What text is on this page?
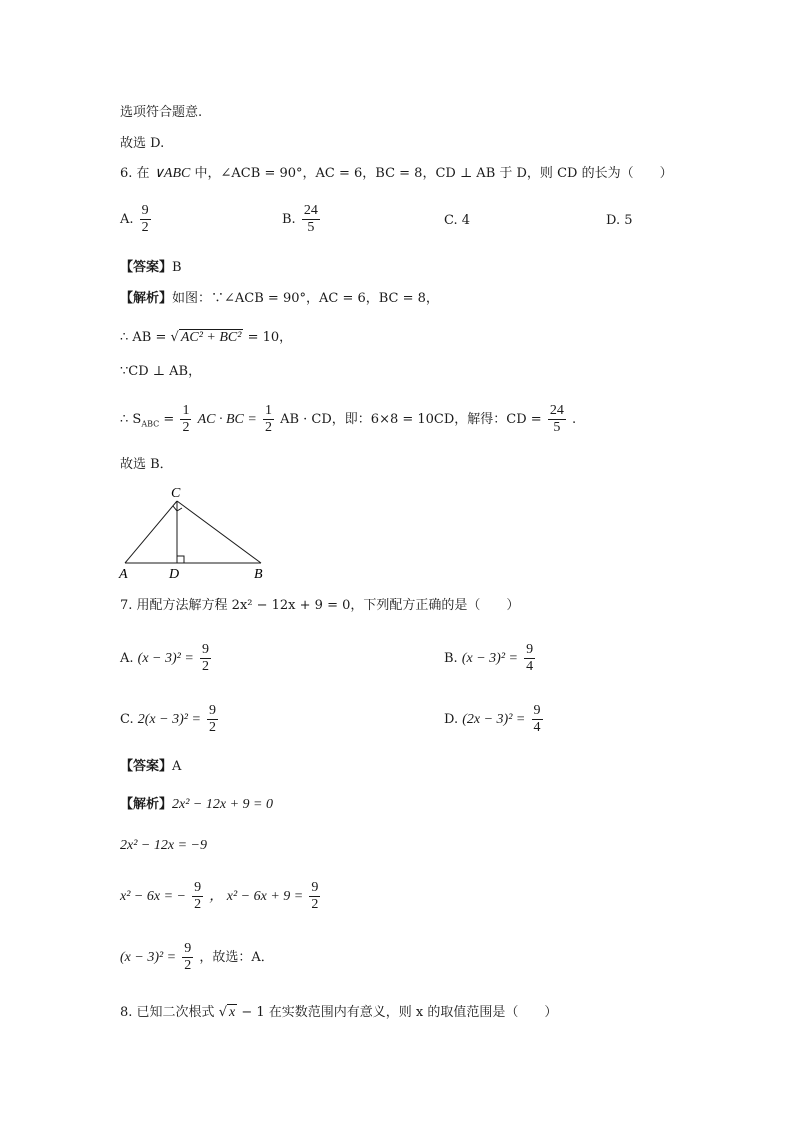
选项符合题意.
故选 D.
6. 在 ∨ABC 中，∠ACB = 90°，AC = 6，BC = 8，CD ⊥ AB 于 D，则 CD 的长为（　　）
A. $\frac{9}{2}$	B. $\frac{24}{5}$	C. 4	D. 5
【答案】B
【解析】如图：∵∠ACB = 90°，AC = 6，BC = 8，
∴ AB = √ AC² + BC² = 10，
∵CD ⊥ AB，
∴ $S_{ABC} = \frac{1}{2}$ AC · BC = $\frac{1}{2}$ AB · CD，即：6×8 = 10CD，解得：CD = $\frac{24}{5}$ .
故选 B．
C
A	D	B
7. 用配方法解方程 2x² − 12x + 9 = 0，下列配方正确的是（　　）
A. $(x - 3)^2 = \frac{9}{2}$	B. $(x - 3)^2 = \frac{9}{4}$
C. $2(x - 3)^2 = \frac{9}{2}$	D. $(2x - 3)^2 = \frac{9}{4}$
【答案】A
【解析】2x² − 12x + 9 = 0
2x² − 12x = −9
x² − 6x = − $\frac{9}{2}$ ， $x^2 - 6x + 9 = \frac{9}{2}$
$(x - 3)^2 = \frac{9}{2}$ ，故选：A．
8. 已知二次根式 √ x − 1 在实数范围内有意义，则 x 的取值范围是（　　）
